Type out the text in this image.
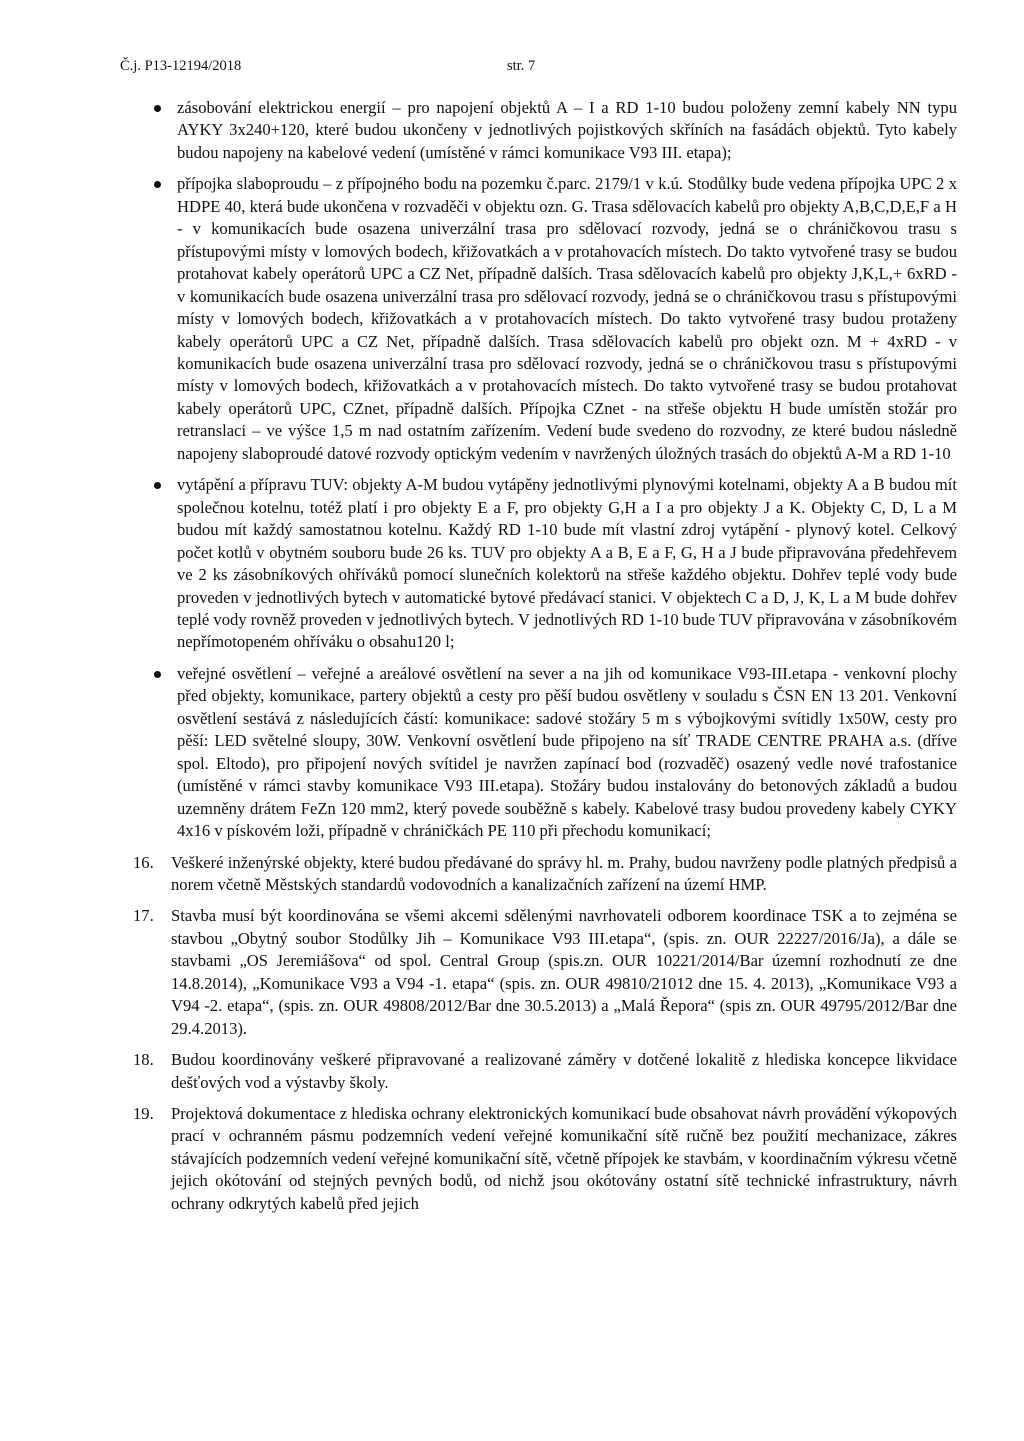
Č.j. P13-12194/2018	str. 7

zásobování elektrickou energií – pro napojení objektů A – I a RD 1-10 budou položeny zemní kabely NN typu AYKY 3x240+120, které budou ukončeny v jednotlivých pojistkových skříních na fasádách objektů. Tyto kabely budou napojeny na kabelové vedení (umístěné v rámci komunikace V93 III. etapa);

přípojka slaboproudu – z přípojného bodu na pozemku č.parc. 2179/1 v k.ú. Stodůlky bude vedena přípojka UPC 2 x HDPE 40, která bude ukončena v rozvaděči v objektu ozn. G. Trasa sdělovacích kabelů pro objekty A,B,C,D,E,F a H - v komunikacích bude osazena univerzální trasa pro sdělovací rozvody, jedná se o chráničkovou trasu s přístupovými místy v lomových bodech, křižovatkách a v protahovacích místech. Do takto vytvořené trasy se budou protahovat kabely operátorů UPC a CZ Net, případně dalších. Trasa sdělovacích kabelů pro objekty J,K,L,+ 6xRD - v komunikacích bude osazena univerzální trasa pro sdělovací rozvody, jedná se o chráničkovou trasu s přístupovými místy v lomových bodech, křižovatkách a v protahovacích místech. Do takto vytvořené trasy budou protaženy kabely operátorů UPC a CZ Net, případně dalších. Trasa sdělovacích kabelů pro objekt ozn. M + 4xRD - v komunikacích bude osazena univerzální trasa pro sdělovací rozvody, jedná se o chráničkovou trasu s přístupovými místy v lomových bodech, křižovatkách a v protahovacích místech. Do takto vytvořené trasy se budou protahovat kabely operátorů UPC, CZnet, případně dalších. Přípojka CZnet - na střeše objektu H bude umístěn stožár pro retranslaci – ve výšce 1,5 m nad ostatním zařízením. Vedení bude svedeno do rozvodny, ze které budou následně napojeny slaboproudé datové rozvody optickým vedením v navržených úložných trasách do objektů A-M a RD 1-10

vytápění a přípravu TUV: objekty A-M budou vytápěny jednotlivými plynovými kotelnami, objekty A a B budou mít společnou kotelnu, totéž platí i pro objekty E a F, pro objekty G,H a I a pro objekty J a K. Objekty C, D, L a M budou mít každý samostatnou kotelnu. Každý RD 1-10 bude mít vlastní zdroj vytápění - plynový kotel. Celkový počet kotlů v obytném souboru bude 26 ks. TUV pro objekty A a B, E a F, G, H a J bude připravována předehřevem ve 2 ks zásobníkových ohříváků pomocí slunečních kolektorů na střeše každého objektu. Dohřev teplé vody bude proveden v jednotlivých bytech v automatické bytové předávací stanici. V objektech C a D, J, K, L a M bude dohřev teplé vody rovněž proveden v jednotlivých bytech. V jednotlivých RD 1-10 bude TUV připravována v zásobníkovém nepřímotopeném ohříváku o obsahu120 l;

veřejné osvětlení – veřejné a areálové osvětlení na sever a na jih od komunikace V93-III.etapa - venkovní plochy před objekty, komunikace, partery objektů a cesty pro pěší budou osvětleny v souladu s ČSN EN 13 201. Venkovní osvětlení sestává z následujících částí: komunikace: sadové stožáry 5 m s výbojkovými svítidly 1x50W, cesty pro pěší: LED světelné sloupy, 30W. Venkovní osvětlení bude připojeno na síť TRADE CENTRE PRAHA a.s. (dříve spol. Eltodo), pro připojení nových svítidel je navržen zapínací bod (rozvaděč) osazený vedle nové trafostanice (umístěné v rámci stavby komunikace V93 III.etapa). Stožáry budou instalovány do betonových základů a budou uzemněny drátem FeZn 120 mm2, který povede souběžně s kabely. Kabelové trasy budou provedeny kabely CYKY 4x16 v pískovém loži, případně v chráničkách PE 110 při přechodu komunikací;

16. Veškeré inženýrské objekty, které budou předávané do správy hl. m. Prahy, budou navrženy podle platných předpisů a norem včetně Městských standardů vodovodních a kanalizačních zařízení na území HMP.

17. Stavba musí být koordinována se všemi akcemi sdělenými navrhovateli odborem koordinace TSK a to zejména se stavbou „Obytný soubor Stodůlky Jih – Komunikace V93 III.etapa“, (spis. zn. OUR 22227/2016/Ja), a dále se stavbami „OS Jeremiášova“ od spol. Central Group (spis.zn. OUR 10221/2014/Bar územní rozhodnutí ze dne 14.8.2014), „Komunikace V93 a V94 -1. etapa“ (spis. zn. OUR 49810/21012 dne 15. 4. 2013), „Komunikace V93 a V94 -2. etapa“, (spis. zn. OUR 49808/2012/Bar dne 30.5.2013) a „Malá Řepora“ (spis zn. OUR 49795/2012/Bar dne 29.4.2013).

18. Budou koordinovány veškeré připravované a realizované záměry v dotčené lokalitě z hlediska koncepce likvidace dešťových vod a výstavby školy.

19. Projektová dokumentace z hlediska ochrany elektronických komunikací bude obsahovat návrh provádění výkopových prací v ochranném pásmu podzemních vedení veřejné komunikační sítě ručně bez použití mechanizace, zákres stávajících podzemních vedení veřejné komunikační sítě, včetně přípojek ke stavbám, v koordinačním výkresu včetně jejich okótování od stejných pevných bodů, od nichž jsou okótovány ostatní sítě technické infrastruktury, návrh ochrany odkrytých kabelů před jejich
